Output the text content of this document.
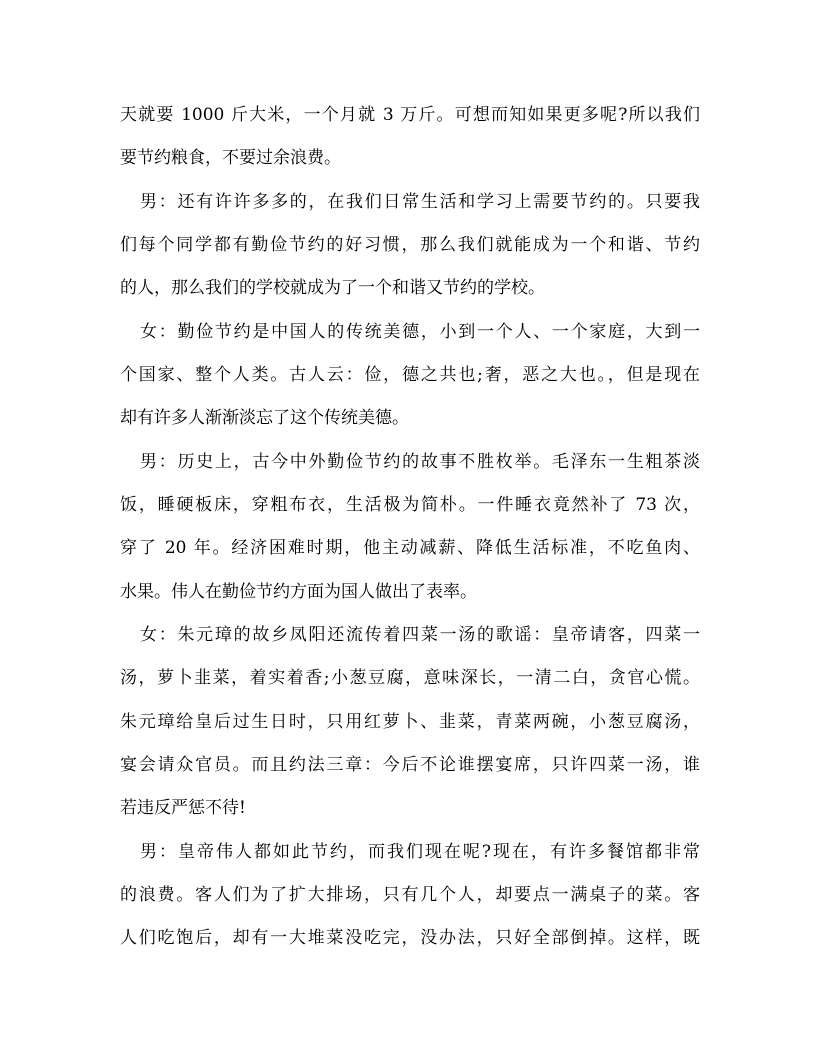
天就要 1000 斤大米，一个月就 3 万斤。可想而知如果更多呢?所以我们
要节约粮食，不要过余浪费。
男：还有许许多多的，在我们日常生活和学习上需要节约的。只要我
们每个同学都有勤俭节约的好习惯，那么我们就能成为一个和谐、节约
的人，那么我们的学校就成为了一个和谐又节约的学校。
女：勤俭节约是中国人的传统美德，小到一个人、一个家庭，大到一
个国家、整个人类。古人云：俭，德之共也;奢，恶之大也。，但是现在
却有许多人渐渐淡忘了这个传统美德。
男：历史上，古今中外勤俭节约的故事不胜枚举。毛泽东一生粗茶淡
饭，睡硬板床，穿粗布衣，生活极为简朴。一件睡衣竟然补了 73 次，
穿了 20 年。经济困难时期，他主动减薪、降低生活标准，不吃鱼肉、
水果。伟人在勤俭节约方面为国人做出了表率。
女：朱元璋的故乡凤阳还流传着四菜一汤的歌谣：皇帝请客，四菜一
汤，萝卜韭菜，着实着香;小葱豆腐，意味深长，一清二白，贪官心慌。
朱元璋给皇后过生日时，只用红萝卜、韭菜，青菜两碗，小葱豆腐汤，
宴会请众官员。而且约法三章：今后不论谁摆宴席，只许四菜一汤，谁
若违反严惩不待!
男：皇帝伟人都如此节约，而我们现在呢?现在，有许多餐馆都非常
的浪费。客人们为了扩大排场，只有几个人，却要点一满桌子的菜。客
人们吃饱后，却有一大堆菜没吃完，没办法，只好全部倒掉。这样，既
